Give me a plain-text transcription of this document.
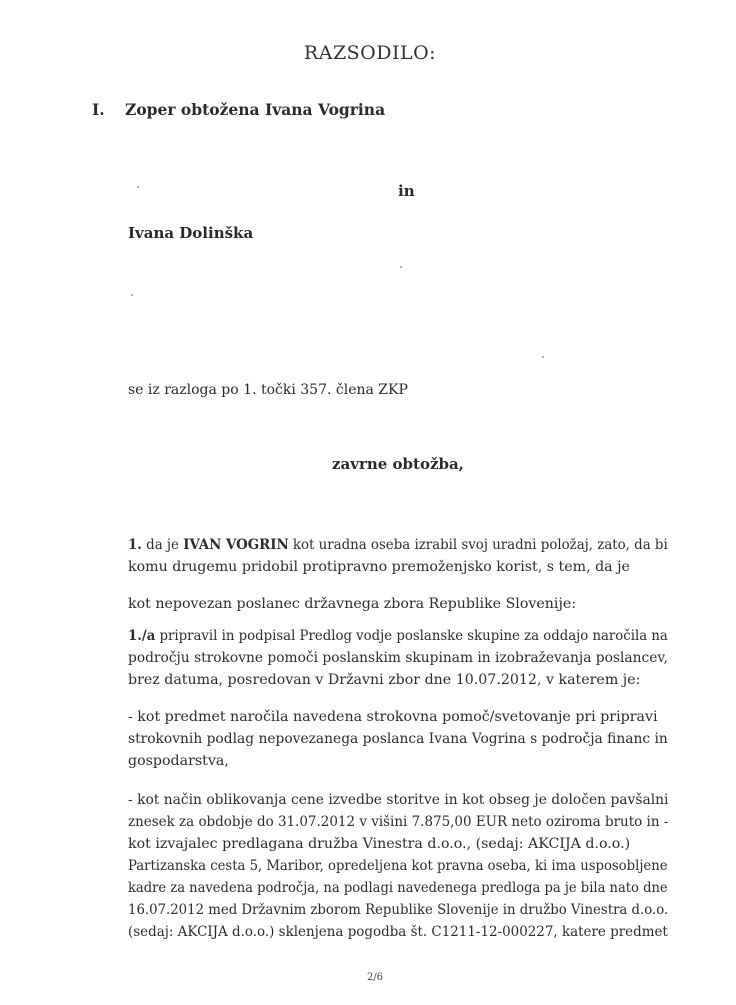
RAZSODILO:
I. Zoper obtožena Ivana Vogrina
in
Ivana Dolinška
se iz razloga po 1. točki 357. člena ZKP
zavrne obtožba,
1. da je IVAN VOGRIN kot uradna oseba izrabil svoj uradni položaj, zato, da bi
komu drugemu pridobil protipravno premoženjsko korist, s tem, da je
kot nepovezan poslanec državnega zbora Republike Slovenije:
1./a pripravil in podpisal Predlog vodje poslanske skupine za oddajo naročila na
področju strokovne pomoči poslanskim skupinam in izobraževanja poslancev,
brez datuma, posredovan v Državni zbor dne 10.07.2012, v katerem je:
- kot predmet naročila navedena strokovna pomoč/svetovanje pri pripravi
strokovnih podlag nepovezanega poslanca Ivana Vogrina s področja financ in
gospodarstva,
- kot način oblikovanja cene izvedbe storitve in kot obseg je določen pavšalni
znesek za obdobje do 31.07.2012 v višini 7.875,00 EUR neto oziroma bruto in -
kot izvajalec predlagana družba Vinestra d.o.o., (sedaj: AKCIJA d.o.o.)
Partizanska cesta 5, Maribor, opredeljena kot pravna oseba, ki ima usposobljene
kadre za navedena področja, na podlagi navedenega predloga pa je bila nato dne
16.07.2012 med Državnim zborom Republike Slovenije in družbo Vinestra d.o.o.
(sedaj: AKCIJA d.o.o.) sklenjena pogodba št. C1211-12-000227, katere predmet
2/6
